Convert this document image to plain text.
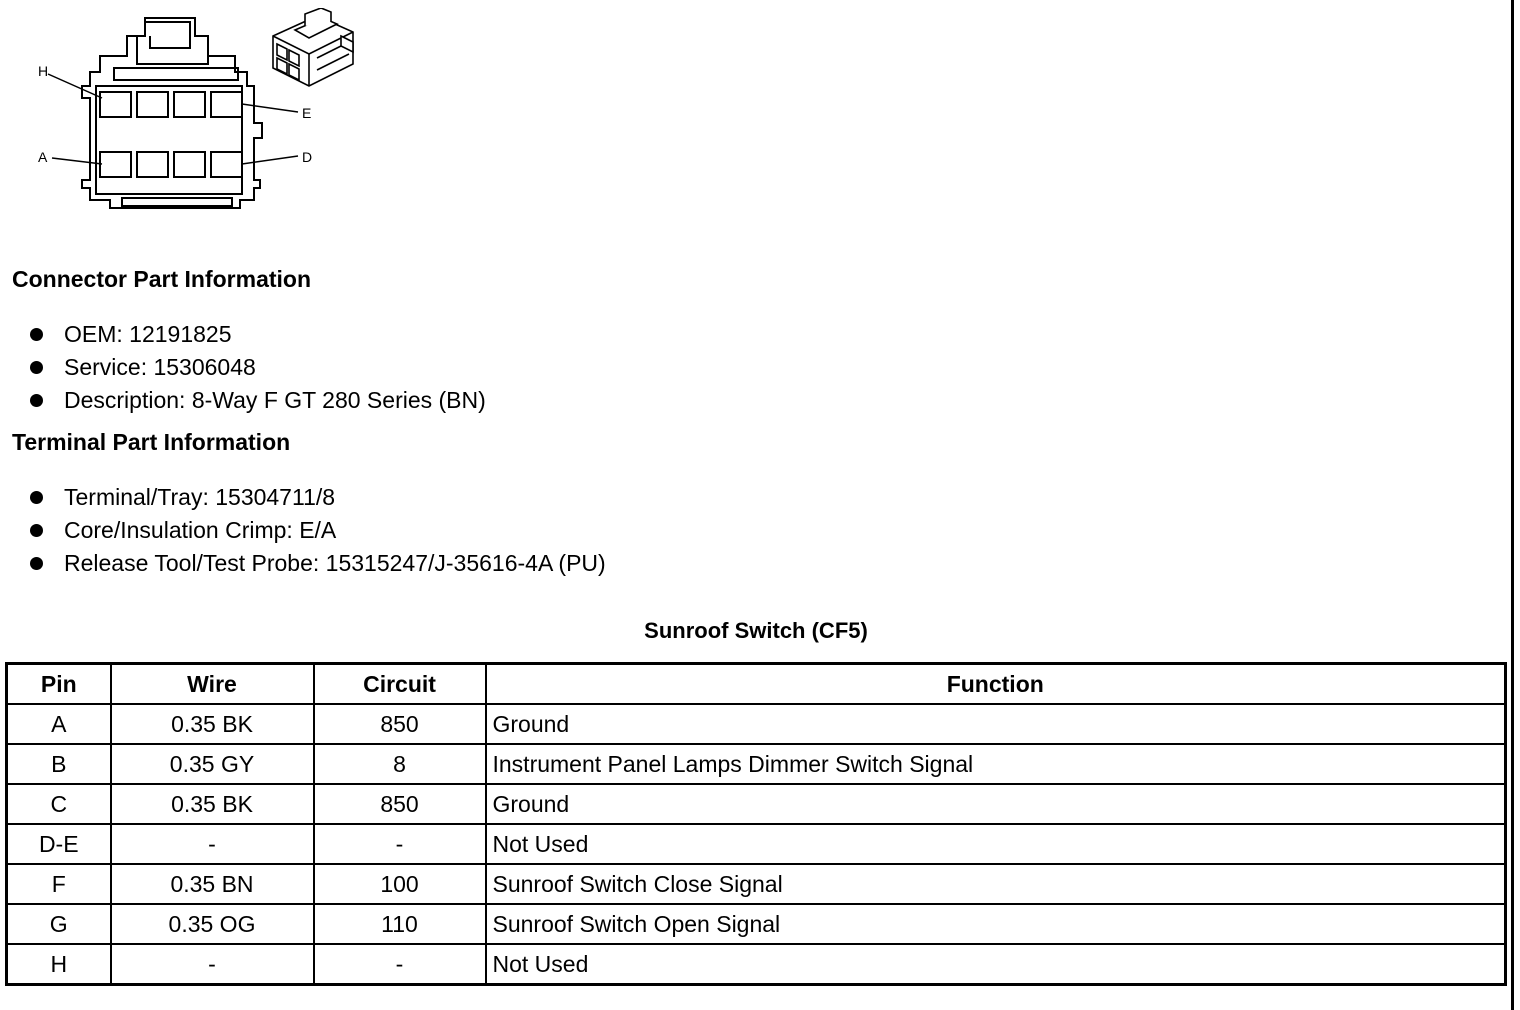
H
E
A	D
Connector Part Information
OEM: 12191825
Service: 15306048
Description: 8-Way F GT 280 Series (BN)
Terminal Part Information
Terminal/Tray: 15304711/8
Core/Insulation Crimp: E/A
Release Tool/Test Probe: 15315247/J-35616-4A (PU)
Sunroof Switch (CF5)
Pin	Wire	Circuit	Function
A	0.35 BK	850	Ground
B	0.35 GY	8	Instrument Panel Lamps Dimmer Switch Signal
C	0.35 BK	850	Ground
D-E	-	-	Not Used
F	0.35 BN	100	Sunroof Switch Close Signal
G	0.35 OG	110	Sunroof Switch Open Signal
H	-	-	Not Used
